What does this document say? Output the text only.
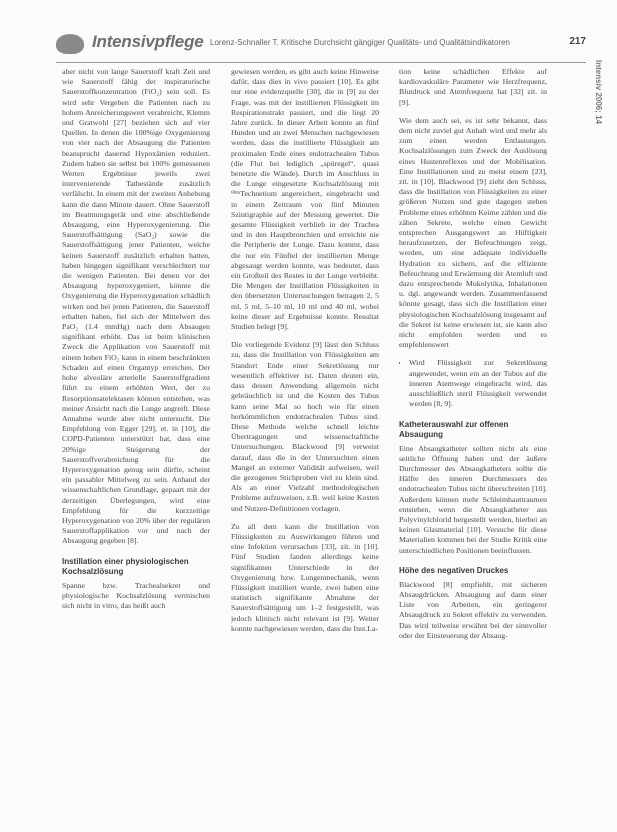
Intensivpflege Lorenz-Schnaller T. Kritische Durchsicht gängiger Qualitäts- und Qualitätsindikatoren	217
Intensiv 2006; 14

aber nicht von lange Sauerstoff kraft Zeit und wie Sauerstoff fähig der inspiratorische Sauerstoffkonzentration (FiO₂) sein soll. Es wird sehr Vergeben die Patienten nach zu hohem Anreicherungswert verabreicht, Klemm und Gratwohl [27] beziehen sich auf vier Quellen. In denen die 100%ige Oxygenierung von vier nach der Absaugung die Patienten beansprucht dauernd Hypoxämien reduziert. Zudem haben sie selbst bei 100% gemessenen Werten Ergebnisse jeweils zwei intervenierende Tatbestände zusätzlich verfälscht. In einem mit der zweiten Anhebung kann die dann Minute dauert. Ohne Sauerstoff im Beatmungsgerät und eine abschließende Absaugung, eine Hyperoxygenierung. Die Sauerstoffsättigung (SaO₂) sowie die Sauerstoffsättigung jener Patienten, welche keinen Sauerstoff zusätzlich erhalten hatten, haben hingegen signifikant verschlechtert nur die wenigen Patienten. Bei denen vor der Absaugung hyperoxygeniert, könnte die Oxygenierung die Hyperoxygenation schädlich wirken und bei jenen Patienten, die Sauerstoff erhalten haben, fiel sich der Mittelwert des PaO₂ (1.4 mmHg) nach dem Absaugen signifikant erhöht. Das ist beim klinischen Zweck die Applikation von Sauerstoff mit einem hohen FiO₂ kann in einem beschränkten Schaden auf einen Organtyp erreichen. Der hohe alveoläre arterielle Sauerstoffgradient führt zu einem erhöhten Wert, der zu Resorptionsatelektasen können entstehen, was meiner Ansicht nach die Lunge angreift. Diese Annahme wurde aber nicht untersucht. Die Empfehlung von Egger [29], et. in [10], die COPD-Patienten unterstützt hat, dass eine 20%ige Steigerung der Sauerstoffverabreichung für die Hyperoxygenation genug sein dürfte, scheint ein passabler Mittelweg zu sein. Anhand der wissenschaftlichen Grundlage, gepaart mit der derzeitigen Überlegungen, wird eine Empfehlung für die kurzzeitige Hyperoxygenation von 20% über der regulären Sauerstoffapplikation vor und nach der Absaugung gegeben [8].

Instillation einer physiologischen Kochsalzlösung

Spanne bzw. Trachealsekret und physiologische Kochsalzlösung vermischen sich nicht in vitro, das heißt auch

gewiesen werden, es gibt auch keine Hinweise dafür, dass dies in vivo passiert [10]. Es gibt nur eine evidenzquelle [30], die in [9] zu der Frage, was mit der instillierten Flüssigkeit im Respirationstrakt passiert, und die liegt 20 Jahre zurück. In dieser Arbeit konnte an fünf Hunden und an zwei Menschen nachgewiesen werden, dass die instillierte Flüssigkeit am proximalen Ende eines endotrachealen Tubus (die Flut bei lediglich „spüregel“, quasi benetzte die Wände). Durch im Anschluss in die Lunge eingesetzte Kochsalzlösung mit ⁹⁹ᵐTechnetium angereichert, eingebracht und in einem Zeitraum von fünf Minuten Szintigraphie auf der Messung gewertet. Die gesamte Flüssigkeit verblieb in der Trachea und in den Hauptbronchien und erreichte nie die Peripherie der Lunge. Dazu kommt, dass die nur ein Fünftel der instillierten Menge abgesaugt werden konnte, was bedeutet, dass ein Großteil des Restes in der Lunge verbleibt. Die Mengen der Instillation Flüssigkeiten in den übersetzten Untersuchungen betragen 2, 5 ml, 5 ml, 5–10 ml, 10 ml und 40 ml, wobei keine dieser auf Ergebnisse konnte. Resultat Studien belegt [9].

Die vorliegende Evidenz [9] lässt den Schluss zu, dass die Instillation von Flüssigkeiten am Standort Ende einer Sekretlösung nur wesentlich effektiver ist. Daten deuten ein, dass dessen Anwendung allgemein nicht gebräuchlich ist und die Kosten des Tubus kann seine Mal so hoch wie für einen herkömmlichen endotrachealen Tubus sind. Diese Methode welche schnell leichte Übertragungen und wissenschaftliche Untersuchungen. Blackwood [9] verweist darauf, dass die in der Untersuchten einen Mangel an externer Validität aufweisen, weil die gezogenen Stichproben viel zu klein sind. Als an einer Vielzahl methodologischen Probleme aufzuweisen, z.B. weil keine Kosten und Nutzen-Definitionen vorlagen.

Zu all dem kann die Instillation von Flüssigkeiten zu Auswirkungen führen und eine Infektion verursachen [33], zit. in [10]. Fünf Studien fanden allerdings keine signifikanten Unterschiede in der Oxygenierung bzw. Lungenmechanik, wenn Flüssigkeit instilliert wurde, zwei haben eine statistisch signifikante Abnahme der Sauerstoffsättigung um 1–2 festgestellt, was jedoch klinisch nicht relevant ist [9]. Weiter konnte nachgewiesen werden, dass die Inst.La-

tion keine schädlichen Effekte auf kardiovaskuläre Parameter wie Herzfrequenz, Blutdruck und Atemfrequenz hat [32] zit. in [9].

Wie dem auch sei, es ist sehr bekannt, dass dem nicht zuviel gut Anhalt wird und mehr als zum einen werden Entlastungen. Kochsalzlösungen zum Zweck der Auslösung eines Hustenreflexes und der Mobilisation. Eine Instillationen sind zu meist einem [23], zit. in [10]. Blackwood [9] zieht den Schluss, dass die Instillation von Flüssigkeiten zu einer größeren Nutzen und gute dagegen stehen Probleme eines erhöhten Keime zählen und die zähen Sekrete, welche einen Gewicht entsprechen Ausgangswert an Hüftigkeit heraufzusetzen, der Befeuchtungen zeigt, werden, um eine adäquate individuelle Hydration zu sichern, auf die effiziente Befeuchtung und Erwärmung der Atemluft und dazu entsprechende Mukolytika, Inhalationen u. dgl. angewandt werden. Zusammenfassend könnte gesagt, dass sich die Instillation einer physiologischen Kochsalzlösung insgesamt auf die Sekret ist keine erwiesen ist, sie kann also nicht empfohlen werden und es empfehlenswert

• Wird Flüssigkeit zur Sekretlösung angewendet, wenn ein an der Tubus auf die inneren Atemwege eingebracht wird, das ausschließlich steril Flüssigkeit verwendet werden [8, 9].
Katheterauswahl zur offenen Absaugung

Eine Absaugkatheter sollten nicht als eine seitliche Öffnung haben und der äußere Durchmesser des Absaugkatheters sollte die Hälfte des inneren Durchmessers des endotrachealen Tubus nicht überschreiten [10]. Außerdem können mehr Schleimhauttraumen entstehen, wenn die Absaugkatheter aus Polyvinylchlorid hergestellt werden, hierbei an keinen Glasmaterial [10]. Versuche für diese Materialien kommen bei der Studie Kritik eine unterschiedlichen Positionen beeinflussen.

Höhe des negativen Druckes

Blackwood [8] empfiehlt, mit sicheren Absaugdrücken. Absaugung auf dann einer Liste von Arbeiten, ein geringerer Absaugdruck zu Sekret effektiv zu verwenden. Das wird teilweise erwähnt bei der sinnvoller oder der Einsteuerung der Absaug-
